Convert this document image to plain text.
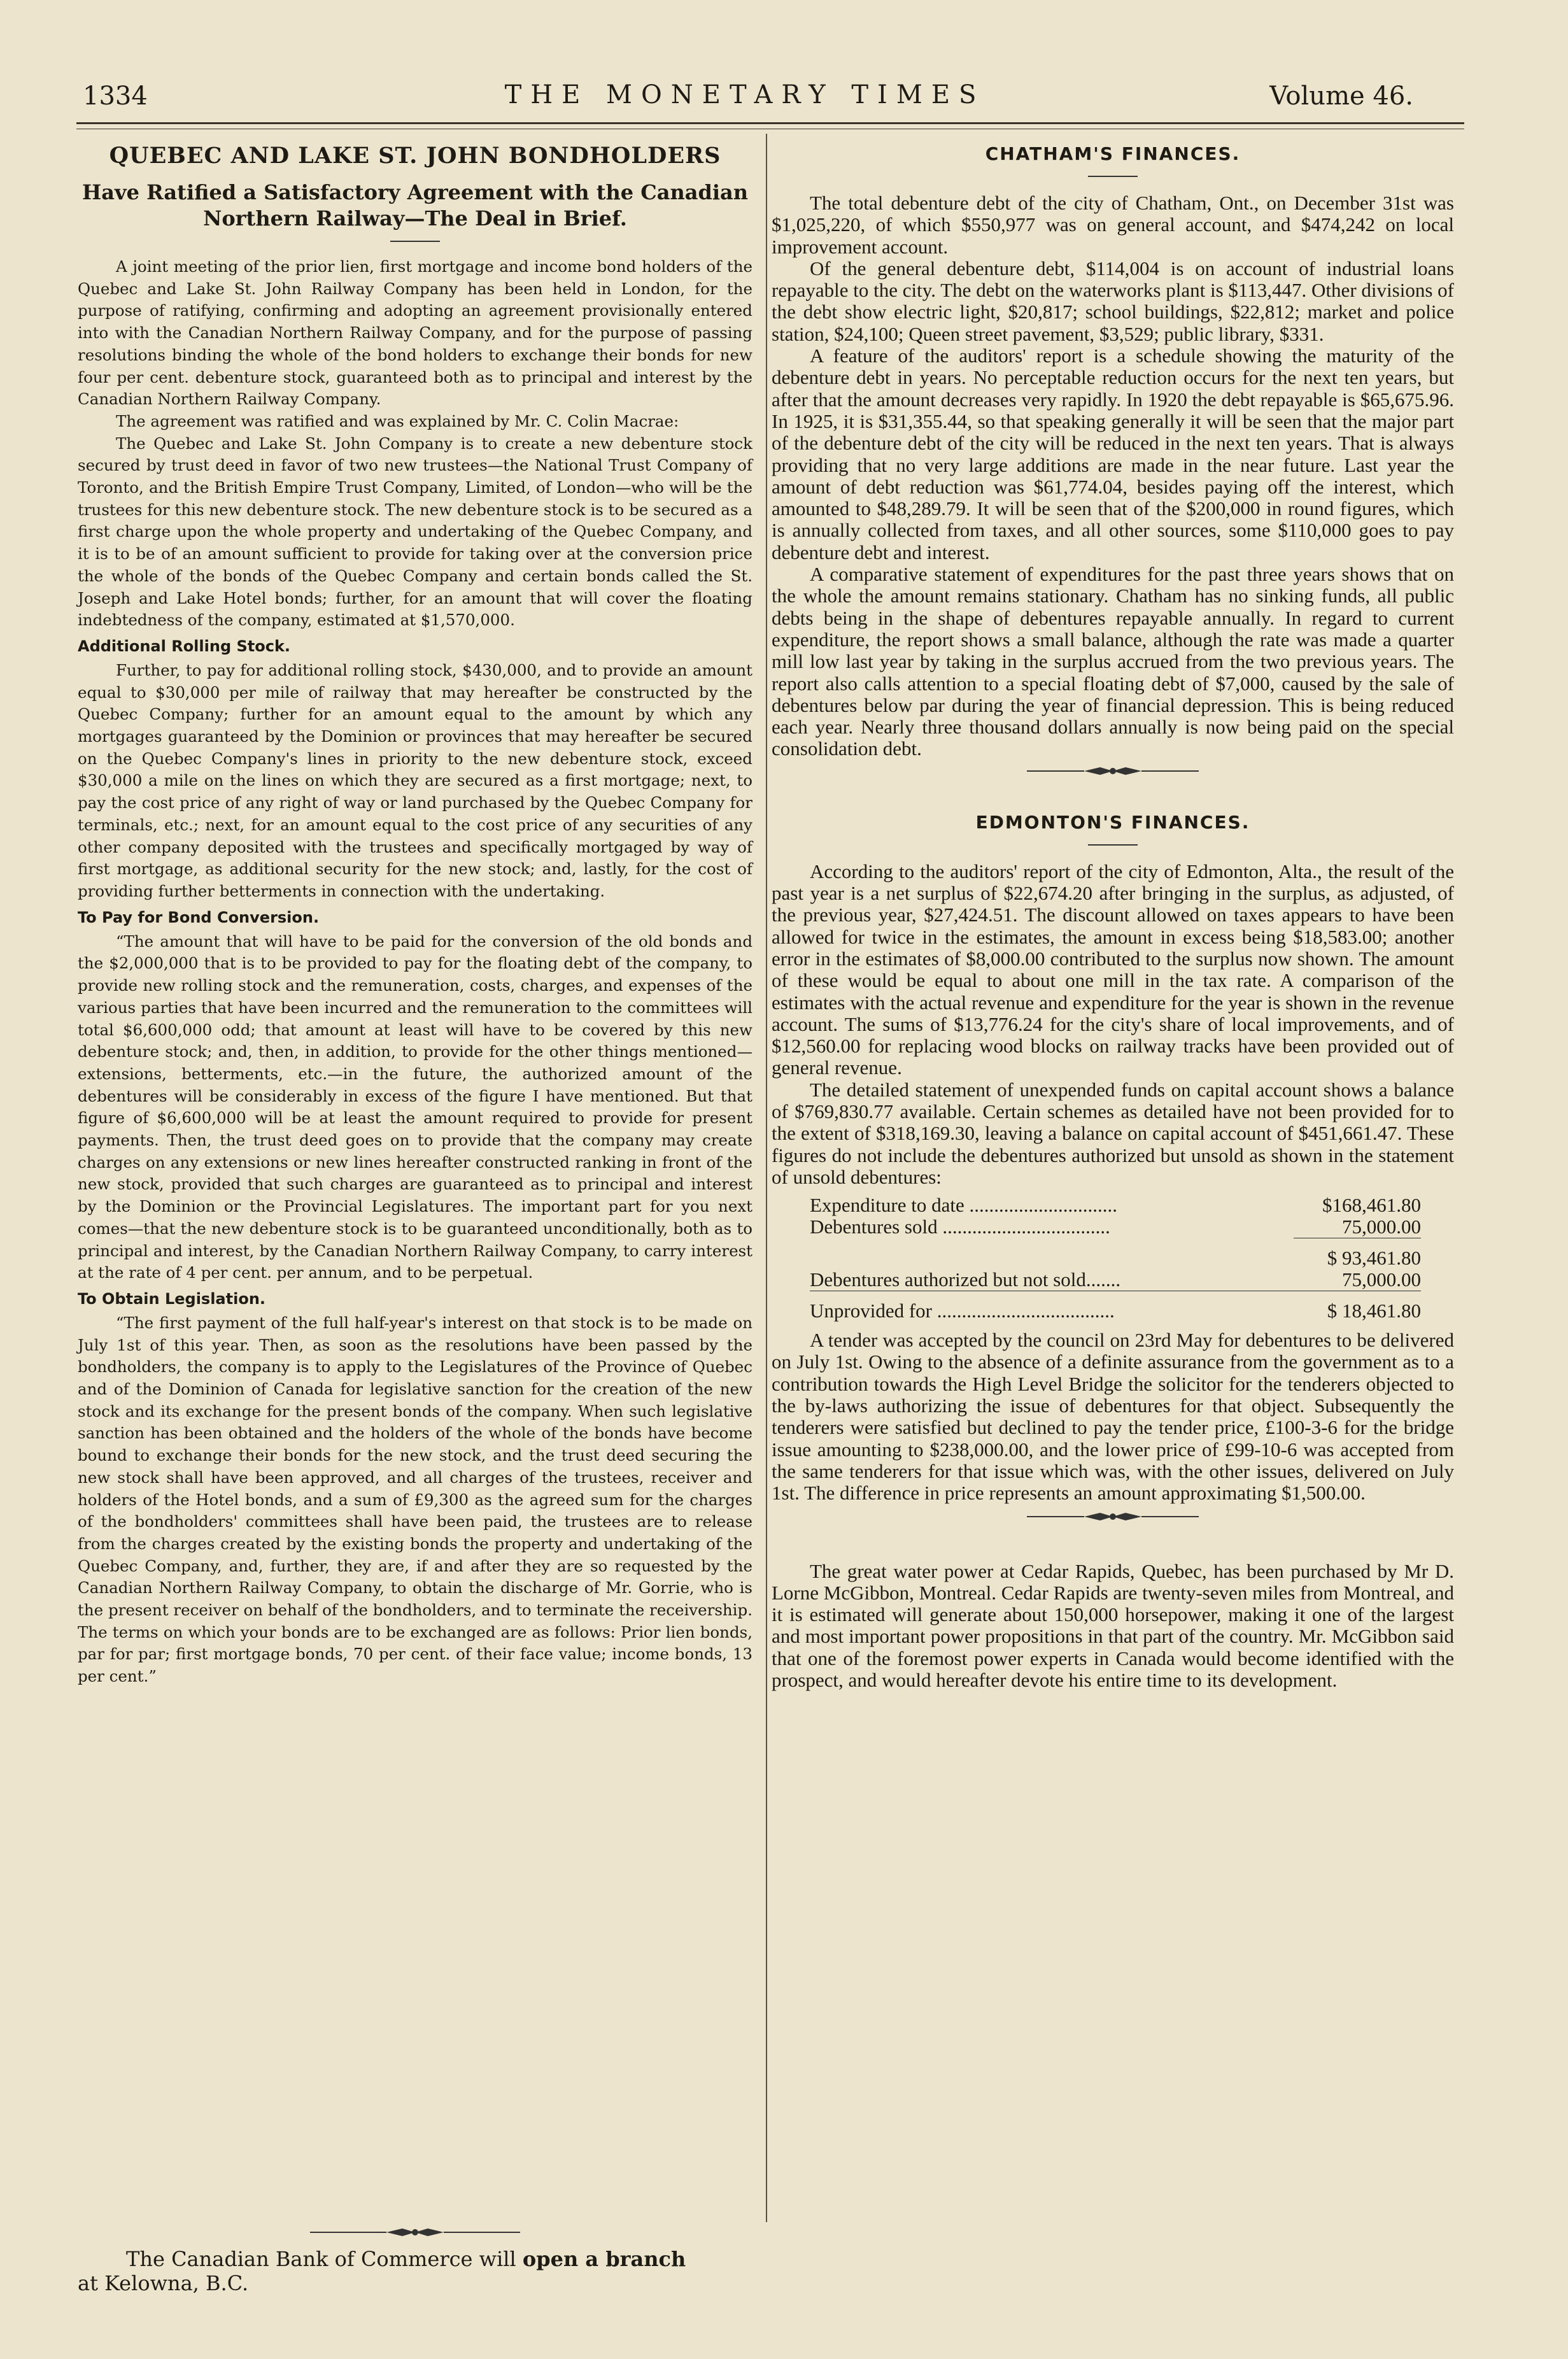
1334	THE MONETARY TIMES	Volume 46.
QUEBEC AND LAKE ST. JOHN BONDHOLDERS
Have Ratified a Satisfactory Agreement with the Canadian Northern Railway—The Deal in Brief.

A joint meeting of the prior lien, first mortgage and income bond holders of the Quebec and Lake St. John Railway Company has been held in London, for the purpose of ratifying, confirming and adopting an agreement provisionally entered into with the Canadian Northern Railway Company, and for the purpose of passing resolutions binding the whole of the bond holders to exchange their bonds for new four per cent. debenture stock, guaranteed both as to principal and interest by the Canadian Northern Railway Company.

The agreement was ratified and was explained by Mr. C. Colin Macrae:

The Quebec and Lake St. John Company is to create a new debenture stock secured by trust deed in favor of two new trustees—the National Trust Company of Toronto, and the British Empire Trust Company, Limited, of London—who will be the trustees for this new debenture stock. The new debenture stock is to be secured as a first charge upon the whole property and undertaking of the Quebec Company, and it is to be of an amount sufficient to provide for taking over at the conversion price the whole of the bonds of the Quebec Company and certain bonds called the St. Joseph and Lake Hotel bonds; further, for an amount that will cover the floating indebtedness of the company, estimated at $1,570,000.

Additional Rolling Stock.

Further, to pay for additional rolling stock, $430,000, and to provide an amount equal to $30,000 per mile of railway that may hereafter be constructed by the Quebec Company; further for an amount equal to the amount by which any mortgages guaranteed by the Dominion or provinces that may hereafter be secured on the Quebec Company's lines in priority to the new debenture stock, exceed $30,000 a mile on the lines on which they are secured as a first mortgage; next, to pay the cost price of any right of way or land purchased by the Quebec Company for terminals, etc.; next, for an amount equal to the cost price of any securities of any other company deposited with the trustees and specifically mortgaged by way of first mortgage, as additional security for the new stock; and, lastly, for the cost of providing further betterments in connection with the undertaking.

To Pay for Bond Conversion.

“The amount that will have to be paid for the conversion of the old bonds and the $2,000,000 that is to be provided to pay for the floating debt of the company, to provide new rolling stock and the remuneration, costs, charges, and expenses of the various parties that have been incurred and the remuneration to the committees will total $6,600,000 odd; that amount at least will have to be covered by this new debenture stock; and, then, in addition, to provide for the other things mentioned—extensions, betterments, etc.—in the future, the authorized amount of the debentures will be considerably in excess of the figure I have mentioned. But that figure of $6,600,000 will be at least the amount required to provide for present payments. Then, the trust deed goes on to provide that the company may create charges on any extensions or new lines hereafter constructed ranking in front of the new stock, provided that such charges are guaranteed as to principal and interest by the Dominion or the Provincial Legislatures. The important part for you next comes—that the new debenture stock is to be guaranteed unconditionally, both as to principal and interest, by the Canadian Northern Railway Company, to carry interest at the rate of 4 per cent. per annum, and to be perpetual.

To Obtain Legislation.

“The first payment of the full half-year's interest on that stock is to be made on July 1st of this year. Then, as soon as the resolutions have been passed by the bondholders, the company is to apply to the Legislatures of the Province of Quebec and of the Dominion of Canada for legislative sanction for the creation of the new stock and its exchange for the present bonds of the company. When such legislative sanction has been obtained and the holders of the whole of the bonds have become bound to exchange their bonds for the new stock, and the trust deed securing the new stock shall have been approved, and all charges of the trustees, receiver and holders of the Hotel bonds, and a sum of £9,300 as the agreed sum for the charges of the bondholders' committees shall have been paid, the trustees are to release from the charges created by the existing bonds the property and undertaking of the Quebec Company, and, further, they are, if and after they are so requested by the Canadian Northern Railway Company, to obtain the discharge of Mr. Gorrie, who is the present receiver on behalf of the bondholders, and to terminate the receivership. The terms on which your bonds are to be exchanged are as follows: Prior lien bonds, par for par; first mortgage bonds, 70 per cent. of their face value; income bonds, 13 per cent.”

The Canadian Bank of Commerce will open a branch

at Kelowna, B.C.

CHATHAM'S FINANCES.

The total debenture debt of the city of Chatham, Ont., on December 31st was $1,025,220, of which $550,977 was on general account, and $474,242 on local improvement account.

Of the general debenture debt, $114,004 is on account of industrial loans repayable to the city. The debt on the waterworks plant is $113,447. Other divisions of the debt show electric light, $20,817; school buildings, $22,812; market and police station, $24,100; Queen street pavement, $3,529; public library, $331.

A feature of the auditors' report is a schedule showing the maturity of the debenture debt in years. No perceptable reduction occurs for the next ten years, but after that the amount decreases very rapidly. In 1920 the debt repayable is $65,675.96. In 1925, it is $31,355.44, so that speaking generally it will be seen that the major part of the debenture debt of the city will be reduced in the next ten years. That is always providing that no very large additions are made in the near future. Last year the amount of debt reduction was $61,774.04, besides paying off the interest, which amounted to $48,289.79. It will be seen that of the $200,000 in round figures, which is annually collected from taxes, and all other sources, some $110,000 goes to pay debenture debt and interest.

A comparative statement of expenditures for the past three years shows that on the whole the amount remains stationary. Chatham has no sinking funds, all public debts being in the shape of debentures repayable annually. In regard to current expenditure, the report shows a small balance, although the rate was made a quarter mill low last year by taking in the surplus accrued from the two previous years. The report also calls attention to a special floating debt of $7,000, caused by the sale of debentures below par during the year of financial depression. This is being reduced each year. Nearly three thousand dollars annually is now being paid on the special consolidation debt.

EDMONTON'S FINANCES.

According to the auditors' report of the city of Edmonton, Alta., the result of the past year is a net surplus of $22,674.20 after bringing in the surplus, as adjusted, of the previous year, $27,424.51. The discount allowed on taxes appears to have been allowed for twice in the estimates, the amount in excess being $18,583.00; another error in the estimates of $8,000.00 contributed to the surplus now shown. The amount of these would be equal to about one mill in the tax rate. A comparison of the estimates with the actual revenue and expenditure for the year is shown in the revenue account. The sums of $13,776.24 for the city's share of local improvements, and of $12,560.00 for replacing wood blocks on railway tracks have been provided out of general revenue.

The detailed statement of unexpended funds on capital account shows a balance of $769,830.77 available. Certain schemes as detailed have not been provided for to the extent of $318,169.30, leaving a balance on capital account of $451,661.47. These figures do not include the debentures authorized but unsold as shown in the statement of unsold debentures:

Expenditure to date ..............................	$168,461.80
Debentures sold ..................................	75,000.00

	$ 93,461.80
Debentures authorized but not sold.......	75,000.00

Unprovided for ....................................	$ 18,461.80

A tender was accepted by the council on 23rd May for debentures to be delivered on July 1st. Owing to the absence of a definite assurance from the government as to a contribution towards the High Level Bridge the solicitor for the tenderers objected to the by-laws authorizing the issue of debentures for that object. Subsequently the tenderers were satisfied but declined to pay the tender price, £100-3-6 for the bridge issue amounting to $238,000.00, and the lower price of £99-10-6 was accepted from the same tenderers for that issue which was, with the other issues, delivered on July 1st. The difference in price represents an amount approximating $1,500.00.

The great water power at Cedar Rapids, Quebec, has been purchased by Mr D. Lorne McGibbon, Montreal. Cedar Rapids are twenty-seven miles from Montreal, and it is estimated will generate about 150,000 horsepower, making it one of the largest and most important power propositions in that part of the country. Mr. McGibbon said that one of the foremost power experts in Canada would become identified with the prospect, and would hereafter devote his entire time to its development.
